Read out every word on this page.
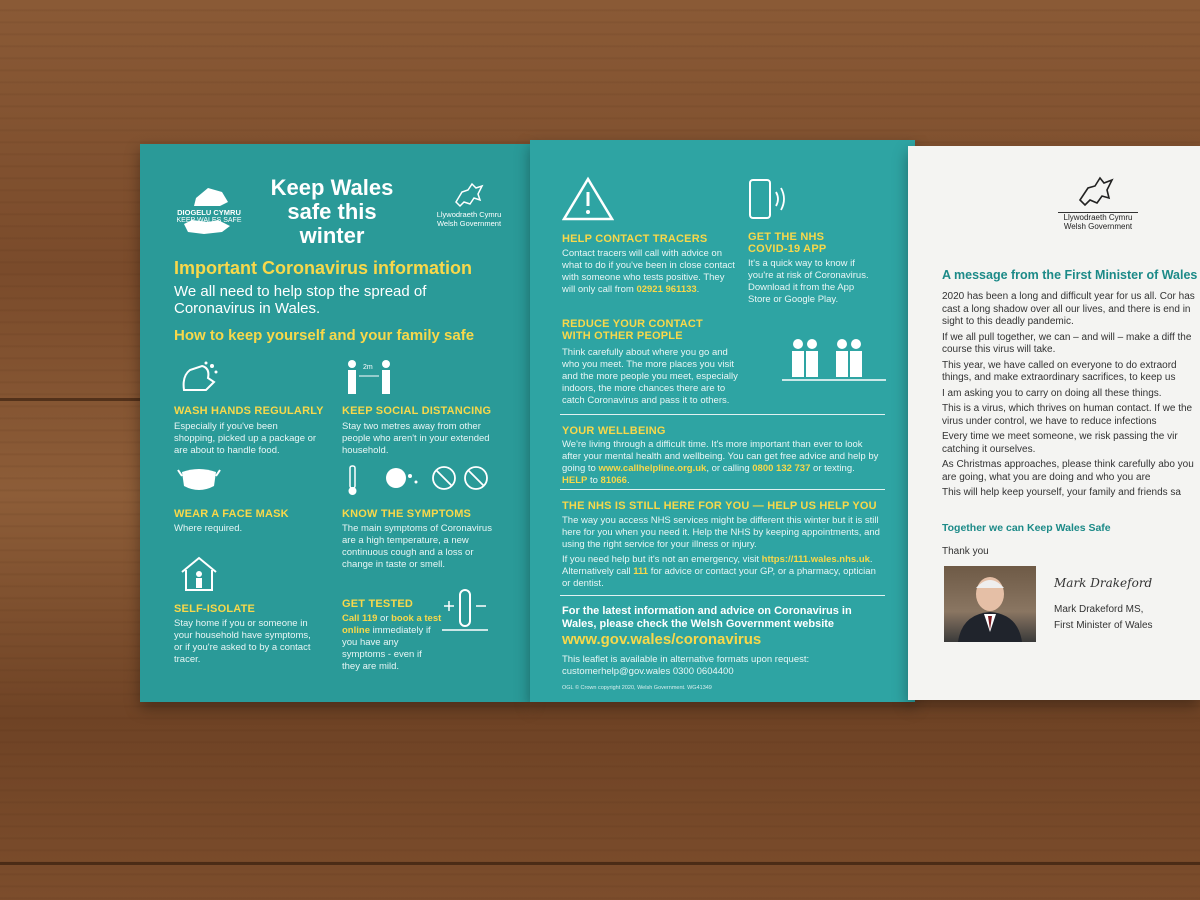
DIOGELU CYMRU
KEEP WALES SAFE
Keep Wales safe this winter
Llywodraeth Cymru
Welsh Government
Important Coronavirus information
We all need to help stop the spread of Coronavirus in Wales.
How to keep yourself and your family safe
WASH HANDS REGULARLY
Especially if you've been shopping, picked up a package or are about to handle food.
2m
KEEP SOCIAL DISTANCING
Stay two metres away from other people who aren't in your extended household.
WEAR A FACE MASK
Where required.
KNOW THE SYMPTOMS
The main symptoms of Coronavirus are a high temperature, a new continuous cough and a loss or change in taste or smell.
SELF-ISOLATE
Stay home if you or someone in your household have symptoms, or if you're asked to by a contact tracer.
GET TESTED
Call 119 or book a test online immediately if you have any symptoms - even if they are mild.
HELP CONTACT TRACERS
Contact tracers will call with advice on what to do if you've been in close contact with someone who tests positive. They will only call from 02921 961133.
GET THE NHS COVID-19 APP
It's a quick way to know if you're at risk of Coronavirus. Download it from the App Store or Google Play.
REDUCE YOUR CONTACT WITH OTHER PEOPLE
Think carefully about where you go and who you meet. The more places you visit and the more people you meet, especially indoors, the more chances there are to catch Coronavirus and pass it to others.
YOUR WELLBEING
We're living through a difficult time. It's more important than ever to look after your mental health and wellbeing. You can get free advice and help by going to www.callhelpline.org.uk, or calling 0800 132 737 or texting. HELP to 81066.
THE NHS IS STILL HERE FOR YOU — HELP US HELP YOU
The way you access NHS services might be different this winter but it is still here for you when you need it. Help the NHS by keeping appointments, and using the right service for your illness or injury.
If you need help but it's not an emergency, visit https://111.wales.nhs.uk. Alternatively call 111 for advice or contact your GP, or a pharmacy, optician or dentist.
For the latest information and advice on Coronavirus in Wales, please check the Welsh Government website
www.gov.wales/coronavirus
This leaflet is available in alternative formats upon request: customerhelp@gov.wales 0300 0604400
OGL © Crown copyright 2020, Welsh Government. WG41349
Llywodraeth Cymru
Welsh Government
A message from the First Minister of Wales
2020 has been a long and difficult year for us all. Cor has cast a long shadow over all our lives, and there is end in sight to this deadly pandemic.
If we all pull together, we can – and will – make a diff the course this virus will take.
This year, we have called on everyone to do extraord things, and make extraordinary sacrifices, to keep us
I am asking you to carry on doing all these things.
This is a virus, which thrives on human contact. If we the virus under control, we have to reduce infections
Every time we meet someone, we risk passing the vir catching it ourselves.
As Christmas approaches, please think carefully abo you are going, what you are doing and who you are
This will help keep yourself, your family and friends sa
Together we can Keep Wales Safe
Thank you
Mark Drakeford
Mark Drakeford MS,
First Minister of Wales
